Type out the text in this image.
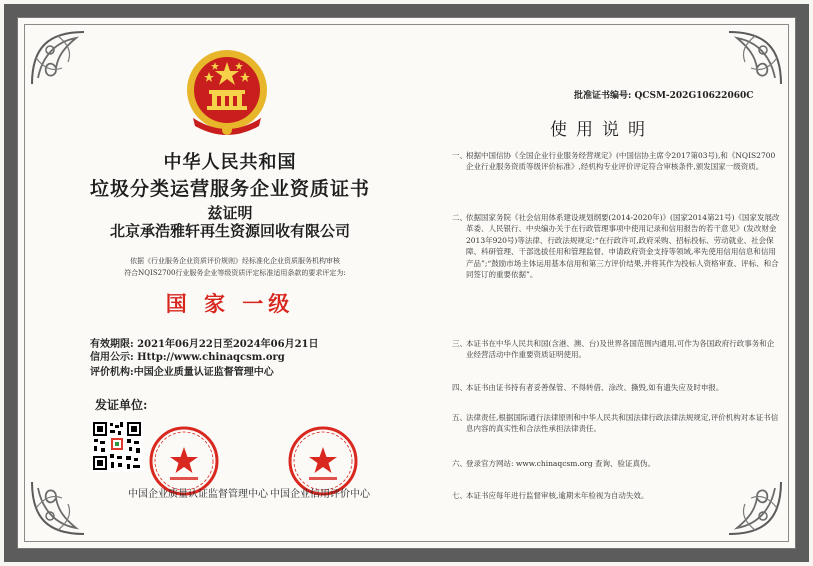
中华人民共和国
垃圾分类运营服务企业资质证书
兹证明
北京承浩雅轩再生资源回收有限公司
依据《行业服务企业资质评价规则》经标准化企业资质服务机构审核
符合NQIS2700行业服务企业等级资质评定标准适用条款的要求评定为:
国 家 一级
有效期限: 2021年06月22日至2024年06月21日
信用公示: Http://www.chinaqcsm.org
评价机构:中国企业质量认证监督管理中心
发证单位:
中国企业质量认证监督管理中心 中国企业信用评价中心
批准证书编号: QCSM-202G10622060C
使用说明
一、 根据中国信协《全国企业行业服务经营规定》(中国信协主席令2017第03号),和《NQIS2700企业行业服务资质等级评价标准》,经机构专业评价评定符合审核条件,颁发国家一级资质。
二、 依据国家务院《社会信用体系建设规划纲要(2014-2020年)》(国家2014第21号)《国家发展改革委、人民银行、中央编办关于在行政管理事项中使用记录和信用报告的若干意见》(发改财金2013年920号)等法律、行政法规规定:“在行政许可,政府采购、招标投标、劳动就业、社会保障、科研管理、干部选拔任用和管理监督、申请政府资金支持等领域,率先使用信用信息和信用产品”;“鼓励市场主体运用基本信用和第三方评价结果,并将其作为投标人资格审查、评标、和合同签订的重要依据”。
三、 本证书在中华人民共和国(含港、澳、台)及世界各国范围内通用,可作为各国政府行政事务和企业经营活动中作重要资质证明使用。
四、 本证书由证书持有者妥善保管、不得转借、涂改、撕毁,如有遗失应及时申报。
五、 法律责任,根据国际通行法律原则和中华人民共和国法律行政法律法规规定,评价机构对本证书信息内容的真实性和合法性承担法律责任。
六、 登录官方网站: www.chinaqcsm.org 查询、验证真伪。
七、 本证书应每年进行监督审核,逾期未年检视为自动失效。
